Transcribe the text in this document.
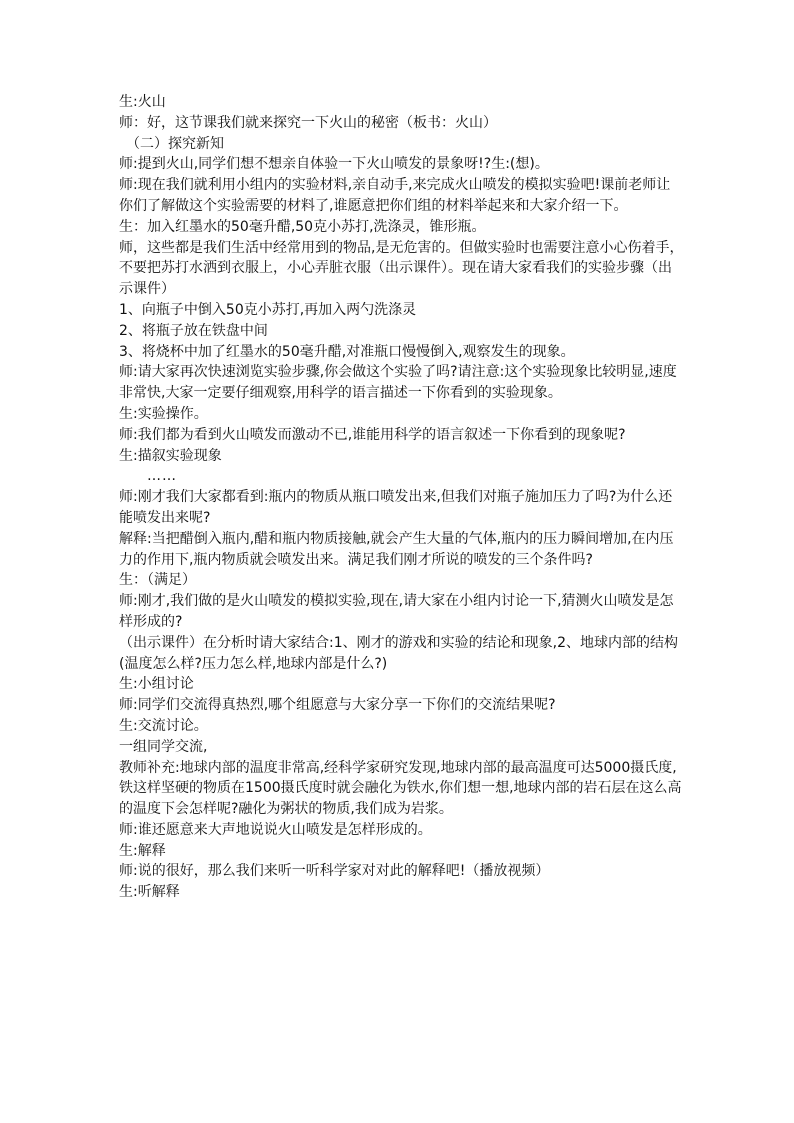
生:火山

师：好，这节课我们就来探究一下火山的秘密（板书：火山）

（二）探究新知

师:提到火山,同学们想不想亲自体验一下火山喷发的景象呀!?生:(想)。

师:现在我们就利用小组内的实验材料,亲自动手,来完成火山喷发的模拟实验吧!课前老师让你们了解做这个实验需要的材料了,谁愿意把你们组的材料举起来和大家介绍一下。

生：加入红墨水的50毫升醋,50克小苏打,洗涤灵，锥形瓶。

师，这些都是我们生活中经常用到的物品,是无危害的。但做实验时也需要注意小心伤着手，不要把苏打水洒到衣服上，小心弄脏衣服（出示课件）。现在请大家看我们的实验步骤（出示课件）

1、向瓶子中倒入50克小苏打,再加入两勺洗涤灵

2、将瓶子放在铁盘中间

3、将烧杯中加了红墨水的50毫升醋,对准瓶口慢慢倒入,观察发生的现象。

师:请大家再次快速浏览实验步骤,你会做这个实验了吗?请注意:这个实验现象比较明显,速度非常快,大家一定要仔细观察,用科学的语言描述一下你看到的实验现象。

生:实验操作。

师:我们都为看到火山喷发而激动不已,谁能用科学的语言叙述一下你看到的现象呢?

生:描叙实验现象

……

师:刚才我们大家都看到:瓶内的物质从瓶口喷发出来,但我们对瓶子施加压力了吗?为什么还能喷发出来呢?

解释:当把醋倒入瓶内,醋和瓶内物质接触,就会产生大量的气体,瓶内的压力瞬间增加,在内压力的作用下,瓶内物质就会喷发出来。满足我们刚才所说的喷发的三个条件吗?

生：（满足）

师:刚才,我们做的是火山喷发的模拟实验,现在,请大家在小组内讨论一下,猜测火山喷发是怎样形成的?

（出示课件）在分析时请大家结合:1、刚才的游戏和实验的结论和现象,2、地球内部的结构(温度怎么样?压力怎么样,地球内部是什么?)

生:小组讨论

师:同学们交流得真热烈,哪个组愿意与大家分享一下你们的交流结果呢?

生:交流讨论。

一组同学交流,

教师补充:地球内部的温度非常高,经科学家研究发现,地球内部的最高温度可达5000摄氏度,铁这样坚硬的物质在1500摄氏度时就会融化为铁水,你们想一想,地球内部的岩石层在这么高的温度下会怎样呢?融化为粥状的物质,我们成为岩浆。

师:谁还愿意来大声地说说火山喷发是怎样形成的。

生:解释

师:说的很好，那么我们来听一听科学家对对此的解释吧!（播放视频）

生:听解释
